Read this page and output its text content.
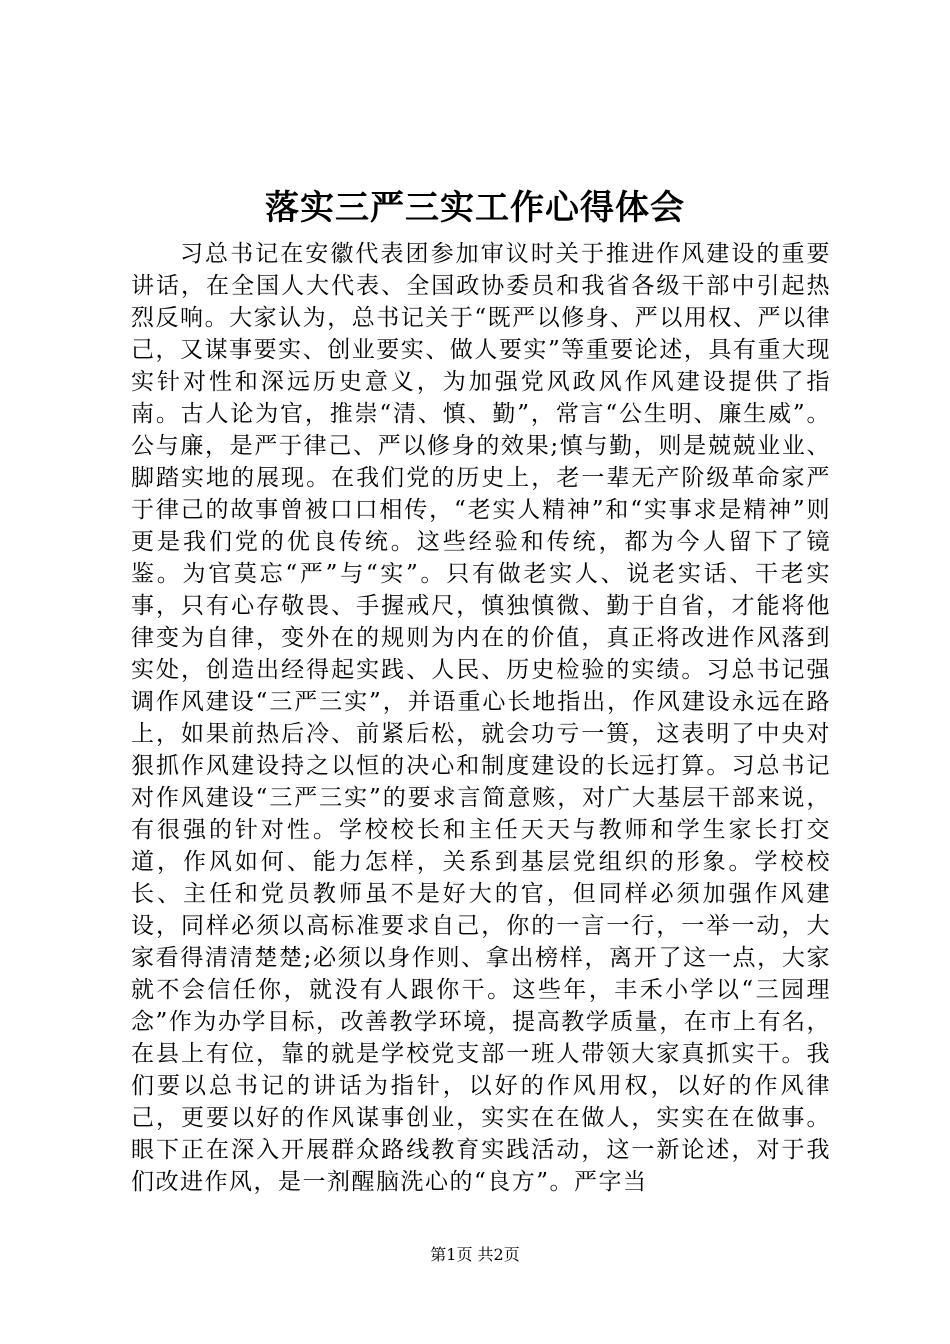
落实三严三实工作心得体会

习总书记在安徽代表团参加审议时关于推进作风建设的重要讲话，在全国人大代表、全国政协委员和我省各级干部中引起热烈反响。大家认为，总书记关于“既严以修身、严以用权、严以律己，又谋事要实、创业要实、做人要实”等重要论述，具有重大现实针对性和深远历史意义，为加强党风政风作风建设提供了指南。古人论为官，推崇“清、慎、勤”，常言“公生明、廉生威”。公与廉，是严于律己、严以修身的效果;慎与勤，则是兢兢业业、脚踏实地的展现。在我们党的历史上，老一辈无产阶级革命家严于律己的故事曾被口口相传，“老实人精神”和“实事求是精神”则更是我们党的优良传统。这些经验和传统，都为今人留下了镜鉴。为官莫忘“严”与“实”。只有做老实人、说老实话、干老实事，只有心存敬畏、手握戒尺，慎独慎微、勤于自省，才能将他律变为自律，变外在的规则为内在的价值，真正将改进作风落到实处，创造出经得起实践、人民、历史检验的实绩。习总书记强调作风建设“三严三实”，并语重心长地指出，作风建设永远在路上，如果前热后冷、前紧后松，就会功亏一篑，这表明了中央对狠抓作风建设持之以恒的决心和制度建设的长远打算。习总书记对作风建设“三严三实”的要求言简意赅，对广大基层干部来说，有很强的针对性。学校校长和主任天天与教师和学生家长打交道，作风如何、能力怎样，关系到基层党组织的形象。学校校长、主任和党员教师虽不是好大的官，但同样必须加强作风建设，同样必须以高标准要求自己，你的一言一行，一举一动，大家看得清清楚楚;必须以身作则、拿出榜样，离开了这一点，大家就不会信任你，就没有人跟你干。这些年，丰禾小学以“三园理念”作为办学目标，改善教学环境，提高教学质量，在市上有名，在县上有位，靠的就是学校党支部一班人带领大家真抓实干。我们要以总书记的讲话为指针，以好的作风用权，以好的作风律己，更要以好的作风谋事创业，实实在在做人，实实在在做事。眼下正在深入开展群众路线教育实践活动，这一新论述，对于我们改进作风，是一剂醒脑洗心的“良方”。严字当

第1页 共2页
